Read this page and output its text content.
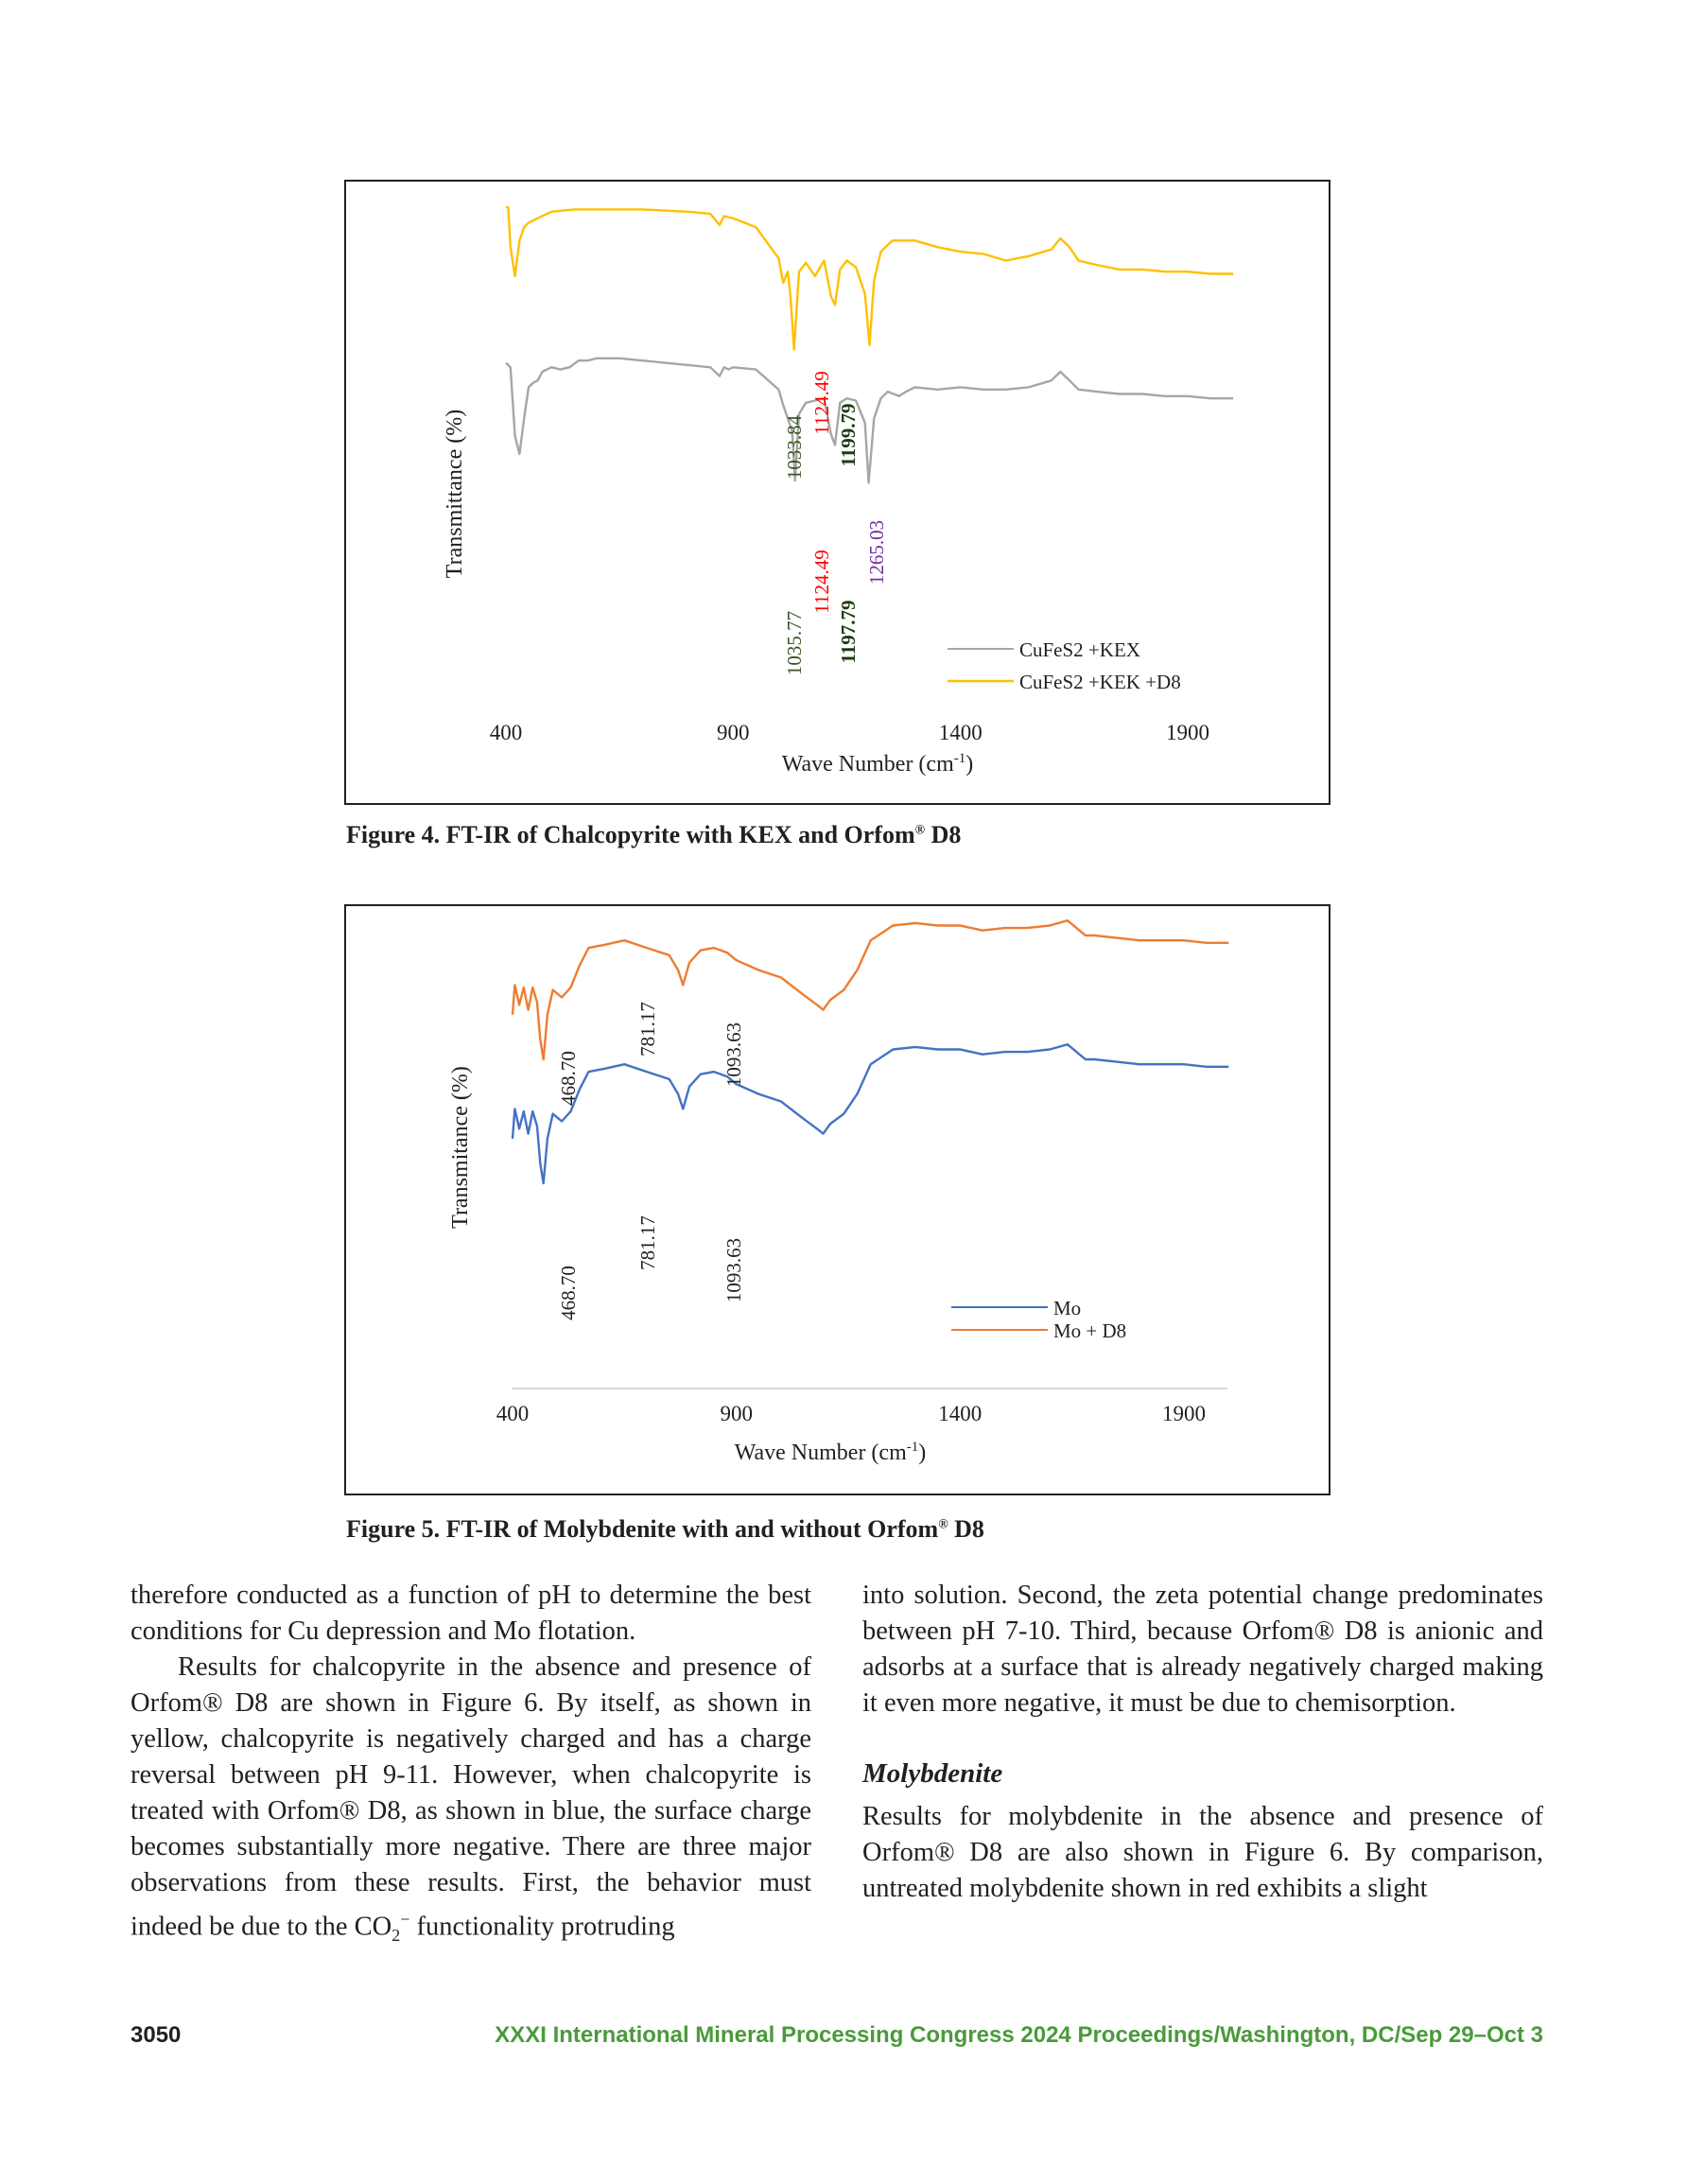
400	900	1400	1900
1033.84
1124.49
1199.79
1035.77
1124.49
1197.79
1265.03
Transmittance (%)
Wave Number $(cm^{-1})$
CuFeS2 +KEX
CuFeS2 +KEK +D8
Figure 4. FT-IR of Chalcopyrite with KEX and Orfom® D8
400	900	1400	1900
468.70
781.17	1093.63
468.70
781.17	1093.63
Transmitance (%)
Wave Number $(cm^{-1})$
Mo
Mo + D8
Figure 5. FT-IR of Molybdenite with and without Orfom® D8

therefore conducted as a function of pH to determine the best conditions for Cu depression and Mo flotation.

Results for chalcopyrite in the absence and presence of Orfom® D8 are shown in Figure 6. By itself, as shown in yellow, chalcopyrite is negatively charged and has a charge reversal between pH 9-11. However, when chalcopyrite is treated with Orfom® D8, as shown in blue, the surface charge becomes substantially more negative. There are three major observations from these results. First, the behavior must indeed be due to the $CO_2^-$ functionality protruding

into solution. Second, the zeta potential change predominates between pH 7-10. Third, because Orfom® D8 is anionic and adsorbs at a surface that is already negatively charged making it even more negative, it must be due to chemisorption.

Molybdenite

Results for molybdenite in the absence and presence of Orfom® D8 are also shown in Figure 6. By comparison, untreated molybdenite shown in red exhibits a slight

3050	XXXI International Mineral Processing Congress 2024 Proceedings/Washington, DC/Sep 29–Oct 3
